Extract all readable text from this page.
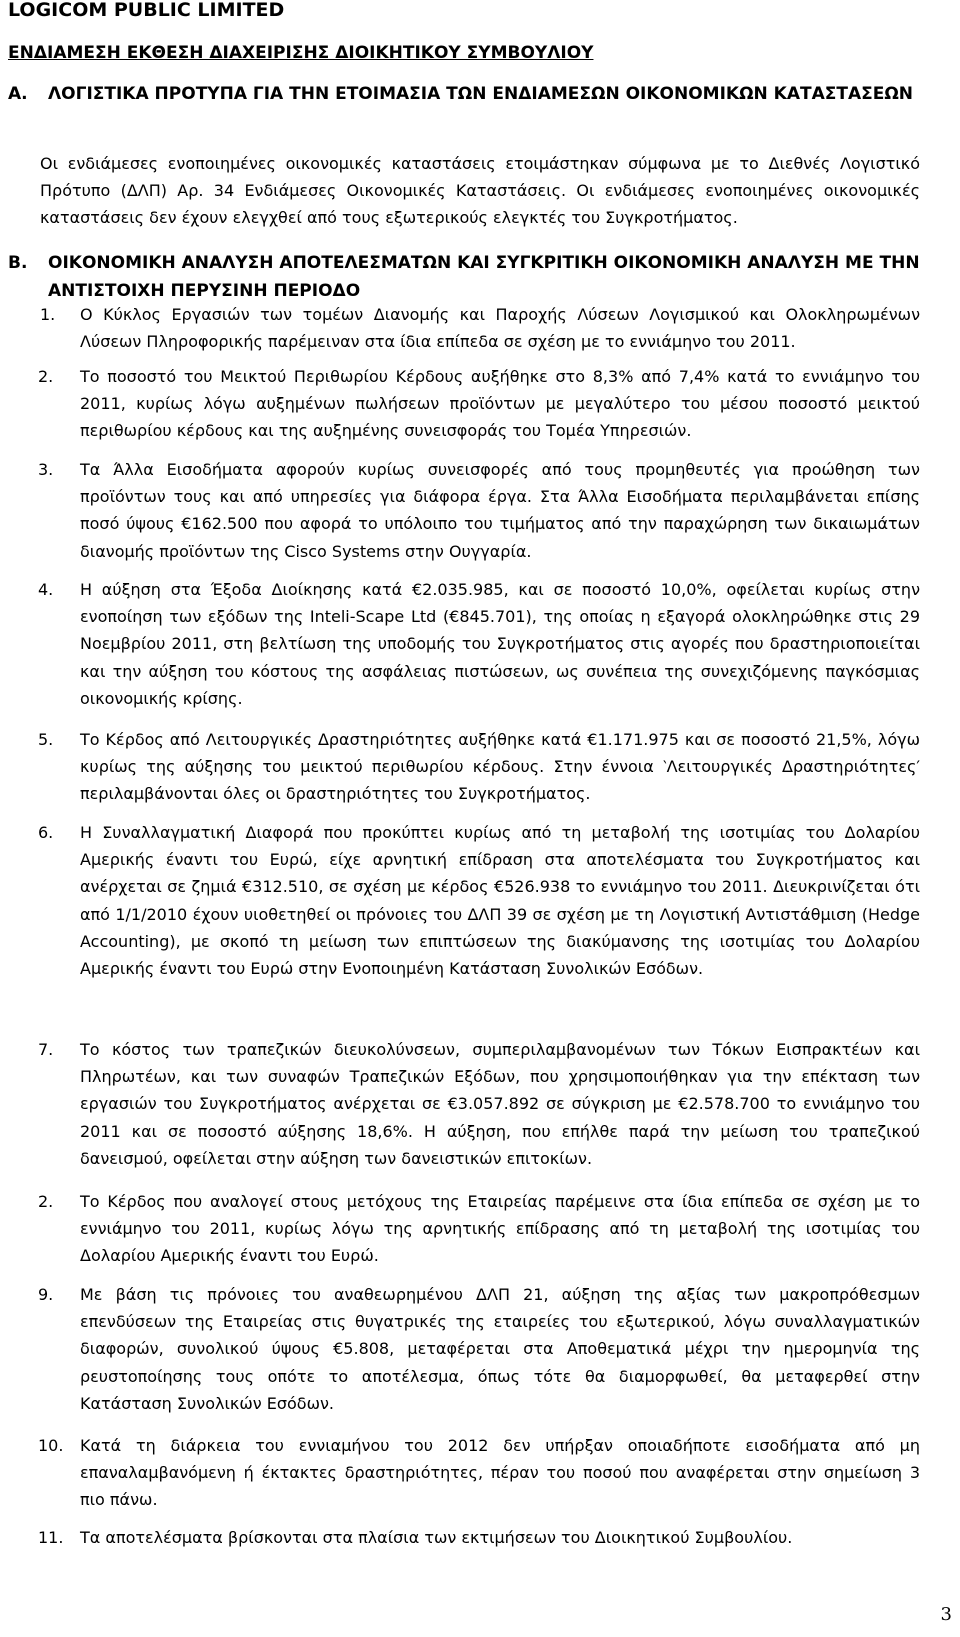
LOGICOM PUBLIC LIMITED
ΕΝΔΙΑΜΕΣΗ ΕΚΘΕΣΗ ΔΙΑΧΕΙΡΙΣΗΣ ΔΙΟΙΚΗΤΙΚΟΥ ΣΥΜΒΟΥΛΙΟΥ
Α.	ΛΟΓΙΣΤΙΚΑ ΠΡΟΤΥΠΑ ΓΙΑ ΤΗΝ ΕΤΟΙΜΑΣΙΑ ΤΩΝ ΕΝΔΙΑΜΕΣΩΝ ΟΙΚΟΝΟΜΙΚΩΝ ΚΑΤΑΣΤΑΣΕΩΝ
Οι ενδιάμεσες ενοποιημένες οικονομικές καταστάσεις ετοιμάστηκαν σύμφωνα με το Διεθνές Λογιστικό Πρότυπο (ΔΛΠ) Αρ. 34 Ενδιάμεσες Οικονομικές Καταστάσεις. Οι ενδιάμεσες ενοποιημένες οικονομικές καταστάσεις δεν έχουν ελεγχθεί από τους εξωτερικούς ελεγκτές του Συγκροτήματος.
Β.	ΟΙΚΟΝΟΜΙΚΗ ΑΝΑΛΥΣΗ ΑΠΟΤΕΛΕΣΜΑΤΩΝ ΚΑΙ ΣΥΓΚΡΙΤΙΚΗ ΟΙΚΟΝΟΜΙΚΗ ΑΝΑΛΥΣΗ ΜΕ ΤΗΝ ΑΝΤΙΣΤΟΙΧΗ ΠΕΡΥΣΙΝΗ ΠΕΡΙΟΔΟ
1. Ο Κύκλος Εργασιών των τομέων Διανομής και Παροχής Λύσεων Λογισμικού και Ολοκληρωμένων Λύσεων Πληροφορικής παρέμειναν στα ίδια επίπεδα σε σχέση με το εννιάμηνο του 2011.
2. Το ποσοστό του Μεικτού Περιθωρίου Κέρδους αυξήθηκε στο 8,3% από 7,4% κατά το εννιάμηνο του 2011, κυρίως λόγω αυξημένων πωλήσεων προϊόντων με μεγαλύτερο του μέσου ποσοστό μεικτού περιθωρίου κέρδους και της αυξημένης συνεισφοράς του Τομέα Υπηρεσιών.
3. Τα Άλλα Εισοδήματα αφορούν κυρίως συνεισφορές από τους προμηθευτές για προώθηση των προϊόντων τους και από υπηρεσίες για διάφορα έργα. Στα Άλλα Εισοδήματα περιλαμβάνεται επίσης ποσό ύψους €162.500 που αφορά το υπόλοιπο του τιμήματος από την παραχώρηση των δικαιωμάτων διανομής προϊόντων της Cisco Systems στην Ουγγαρία.
4. Η αύξηση στα Έξοδα Διοίκησης κατά €2.035.985, και σε ποσοστό 10,0%, οφείλεται κυρίως στην ενοποίηση των εξόδων της Inteli-Scape Ltd (€845.701), της οποίας η εξαγορά ολοκληρώθηκε στις 29 Νοεμβρίου 2011, στη βελτίωση της υποδομής του Συγκροτήματος στις αγορές που δραστηριοποιείται και την αύξηση του κόστους της ασφάλειας πιστώσεων, ως συνέπεια της συνεχιζόμενης παγκόσμιας οικονομικής κρίσης.
5. Το Κέρδος από Λειτουργικές Δραστηριότητες αυξήθηκε κατά €1.171.975 και σε ποσοστό 21,5%, λόγω κυρίως της αύξησης του μεικτού περιθωρίου κέρδους. Στην έννοια ‵Λειτουργικές Δραστηριότητες′ περιλαμβάνονται όλες οι δραστηριότητες του Συγκροτήματος.
6. Η Συναλλαγματική Διαφορά που προκύπτει κυρίως από τη μεταβολή της ισοτιμίας του Δολαρίου Αμερικής έναντι του Ευρώ, είχε αρνητική επίδραση στα αποτελέσματα του Συγκροτήματος και ανέρχεται σε ζημιά €312.510, σε σχέση με κέρδος €526.938 το εννιάμηνο του 2011. Διευκρινίζεται ότι από 1/1/2010 έχουν υιοθετηθεί οι πρόνοιες του ΔΛΠ 39 σε σχέση με τη Λογιστική Αντιστάθμιση (Hedge Accounting), με σκοπό τη μείωση των επιπτώσεων της διακύμανσης της ισοτιμίας του Δολαρίου Αμερικής έναντι του Ευρώ στην Ενοποιημένη Κατάσταση Συνολικών Εσόδων.
7. Το κόστος των τραπεζικών διευκολύνσεων, συμπεριλαμβανομένων των Τόκων Εισπρακτέων και Πληρωτέων, και των συναφών Τραπεζικών Εξόδων, που χρησιμοποιήθηκαν για την επέκταση των εργασιών του Συγκροτήματος ανέρχεται σε €3.057.892 σε σύγκριση με €2.578.700 το εννιάμηνο του 2011 και σε ποσοστό αύξησης 18,6%. Η αύξηση, που επήλθε παρά την μείωση του τραπεζικού δανεισμού, οφείλεται στην αύξηση των δανειστικών επιτοκίων.
2. Το Κέρδος που αναλογεί στους μετόχους της Εταιρείας παρέμεινε στα ίδια επίπεδα σε σχέση με το εννιάμηνο του 2011, κυρίως λόγω της αρνητικής επίδρασης από τη μεταβολή της ισοτιμίας του Δολαρίου Αμερικής έναντι του Ευρώ.
9. Με βάση τις πρόνοιες του αναθεωρημένου ΔΛΠ 21, αύξηση της αξίας των μακροπρόθεσμων επενδύσεων της Εταιρείας στις θυγατρικές της εταιρείες του εξωτερικού, λόγω συναλλαγματικών διαφορών, συνολικού ύψους €5.808, μεταφέρεται στα Αποθεματικά μέχρι την ημερομηνία της ρευστοποίησης τους οπότε το αποτέλεσμα, όπως τότε θα διαμορφωθεί, θα μεταφερθεί στην Κατάσταση Συνολικών Εσόδων.
10. Κατά τη διάρκεια του εννιαμήνου του 2012 δεν υπήρξαν οποιαδήποτε εισοδήματα από μη επαναλαμβανόμενη ή έκτακτες δραστηριότητες, πέραν του ποσού που αναφέρεται στην σημείωση 3 πιο πάνω.
11. Τα αποτελέσματα βρίσκονται στα πλαίσια των εκτιμήσεων του Διοικητικού Συμβουλίου.
3
